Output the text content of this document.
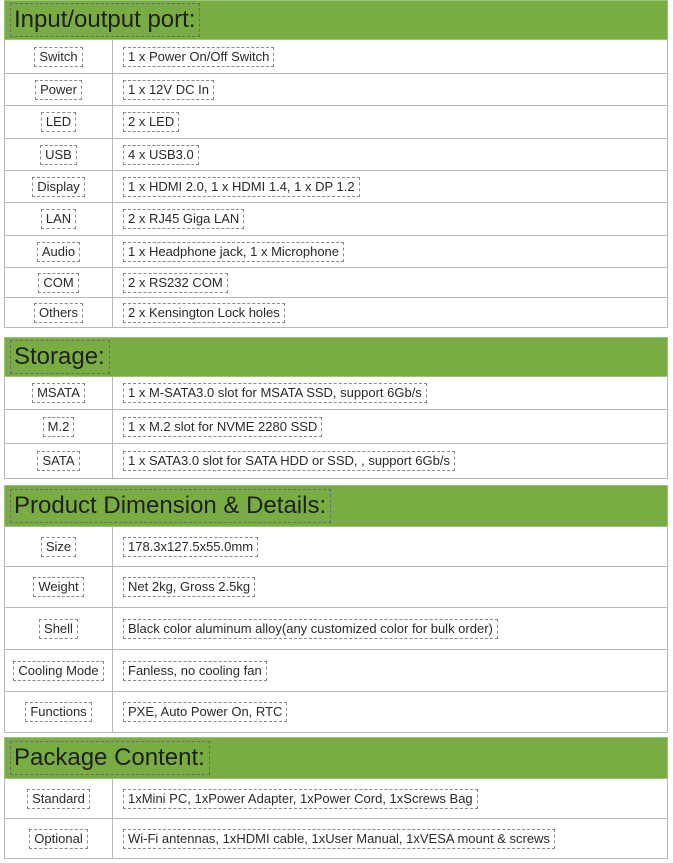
Input/output port:
Switch	1 x Power On/Off Switch
Power	1 x 12V DC In
LED	2 x LED
USB	4 x USB3.0
Display	1 x HDMI 2.0, 1 x HDMI 1.4, 1 x DP 1.2
LAN	2 x RJ45 Giga LAN
Audio	1 x Headphone jack, 1 x Microphone
COM	2 x RS232 COM
Others	2 x Kensington Lock holes
Storage:
MSATA	1 x M-SATA3.0 slot for MSATA SSD, support 6Gb/s
M.2	1 x M.2 slot for NVME 2280 SSD
SATA	1 x SATA3.0 slot for SATA HDD or SSD, , support 6Gb/s
Product Dimension & Details:
Size	178.3x127.5x55.0mm
Weight	Net 2kg, Gross 2.5kg
Shell	Black color aluminum alloy(any customized color for bulk order)
Cooling Mode	Fanless, no cooling fan
Functions	PXE, Auto Power On, RTC
Package Content:
Standard	1xMini PC, 1xPower Adapter, 1xPower Cord, 1xScrews Bag
Optional	Wi-Fi antennas, 1xHDMI cable, 1xUser Manual, 1xVESA mount & screws
